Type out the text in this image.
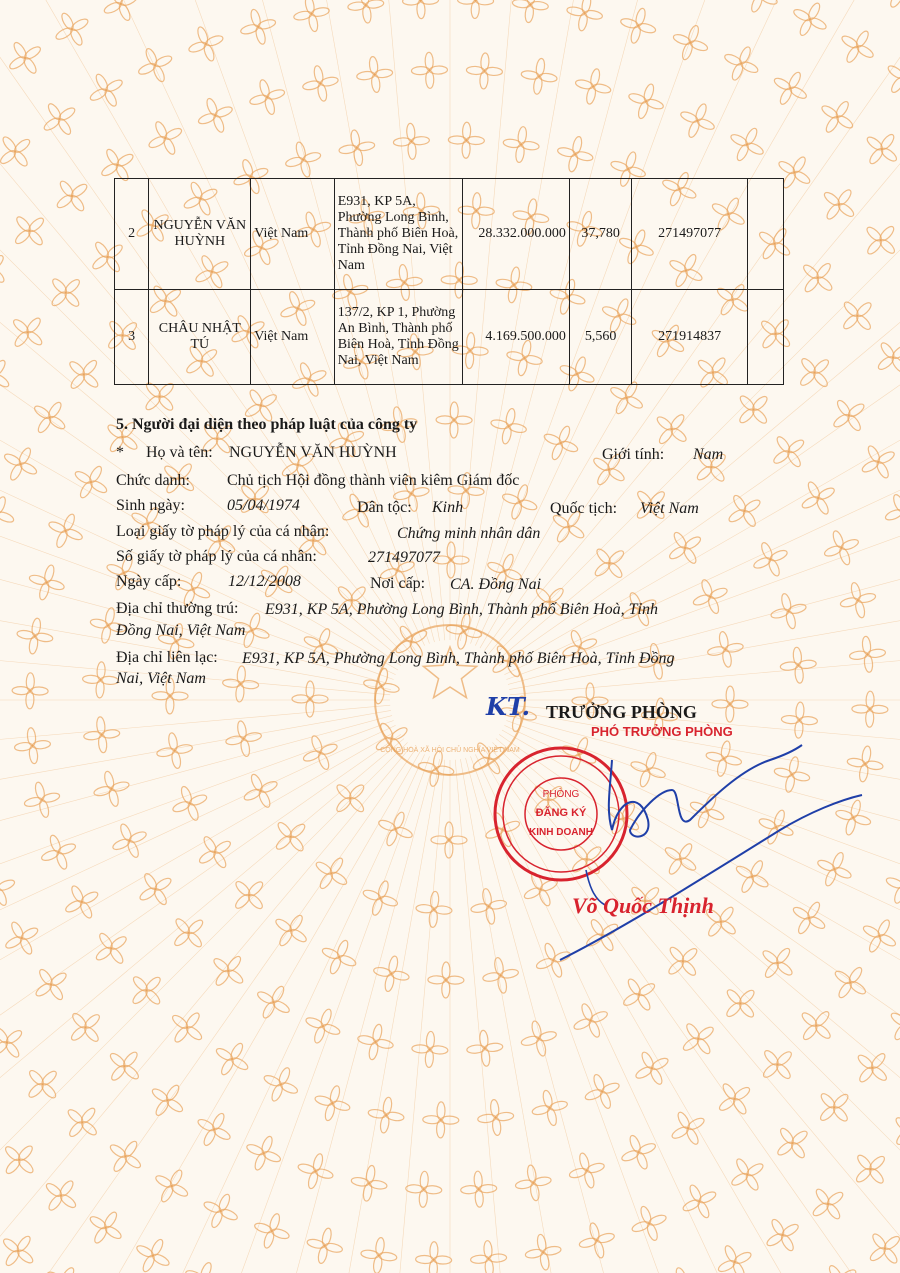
CỘNG HOÀ XÃ HỘI CHỦ NGHĨA VIỆT NAM
2	NGUYỄN VĂN HUỲNH	Việt Nam	E931, KP 5A, Phường Long Bình, Thành phố Biên Hoà, Tỉnh Đồng Nai, Việt Nam	28.332.000.000	37,780	271497077	
3	CHÂU NHẬT TÚ	Việt Nam	137/2, KP 1, Phường An Bình, Thành phố Biên Hoà, Tỉnh Đồng Nai, Việt Nam	4.169.500.000	5,560	271914837	
5. Người đại diện theo pháp luật của công ty
* Họ và tên: NGUYỄN VĂN HUỲNH	Giới tính: Nam
Chức danh: Chủ tịch Hội đồng thành viên kiêm Giám đốc
Sinh ngày:	05/04/1974	Dân tộc: Kinh	Quốc tịch: Việt Nam
Loại giấy tờ pháp lý của cá nhân:	Chứng minh nhân dân
Số giấy tờ pháp lý của cá nhân:	271497077
Ngày cấp:	12/12/2008	Nơi cấp: CA. Đồng Nai
Địa chỉ thường trú: E931, KP 5A, Phường Long Bình, Thành phố Biên Hoà, Tỉnh
Đồng Nai, Việt Nam
Địa chỉ liên lạc: E931, KP 5A, Phường Long Bình, Thành phố Biên Hoà, Tỉnh Đồng
Nai, Việt Nam
KT. TRƯỞNG PHÒNG
PHÓ TRƯỞNG PHÒNG
PHÒNG
ĐĂNG KÝ
KINH DOANH
Võ Quốc Thịnh
